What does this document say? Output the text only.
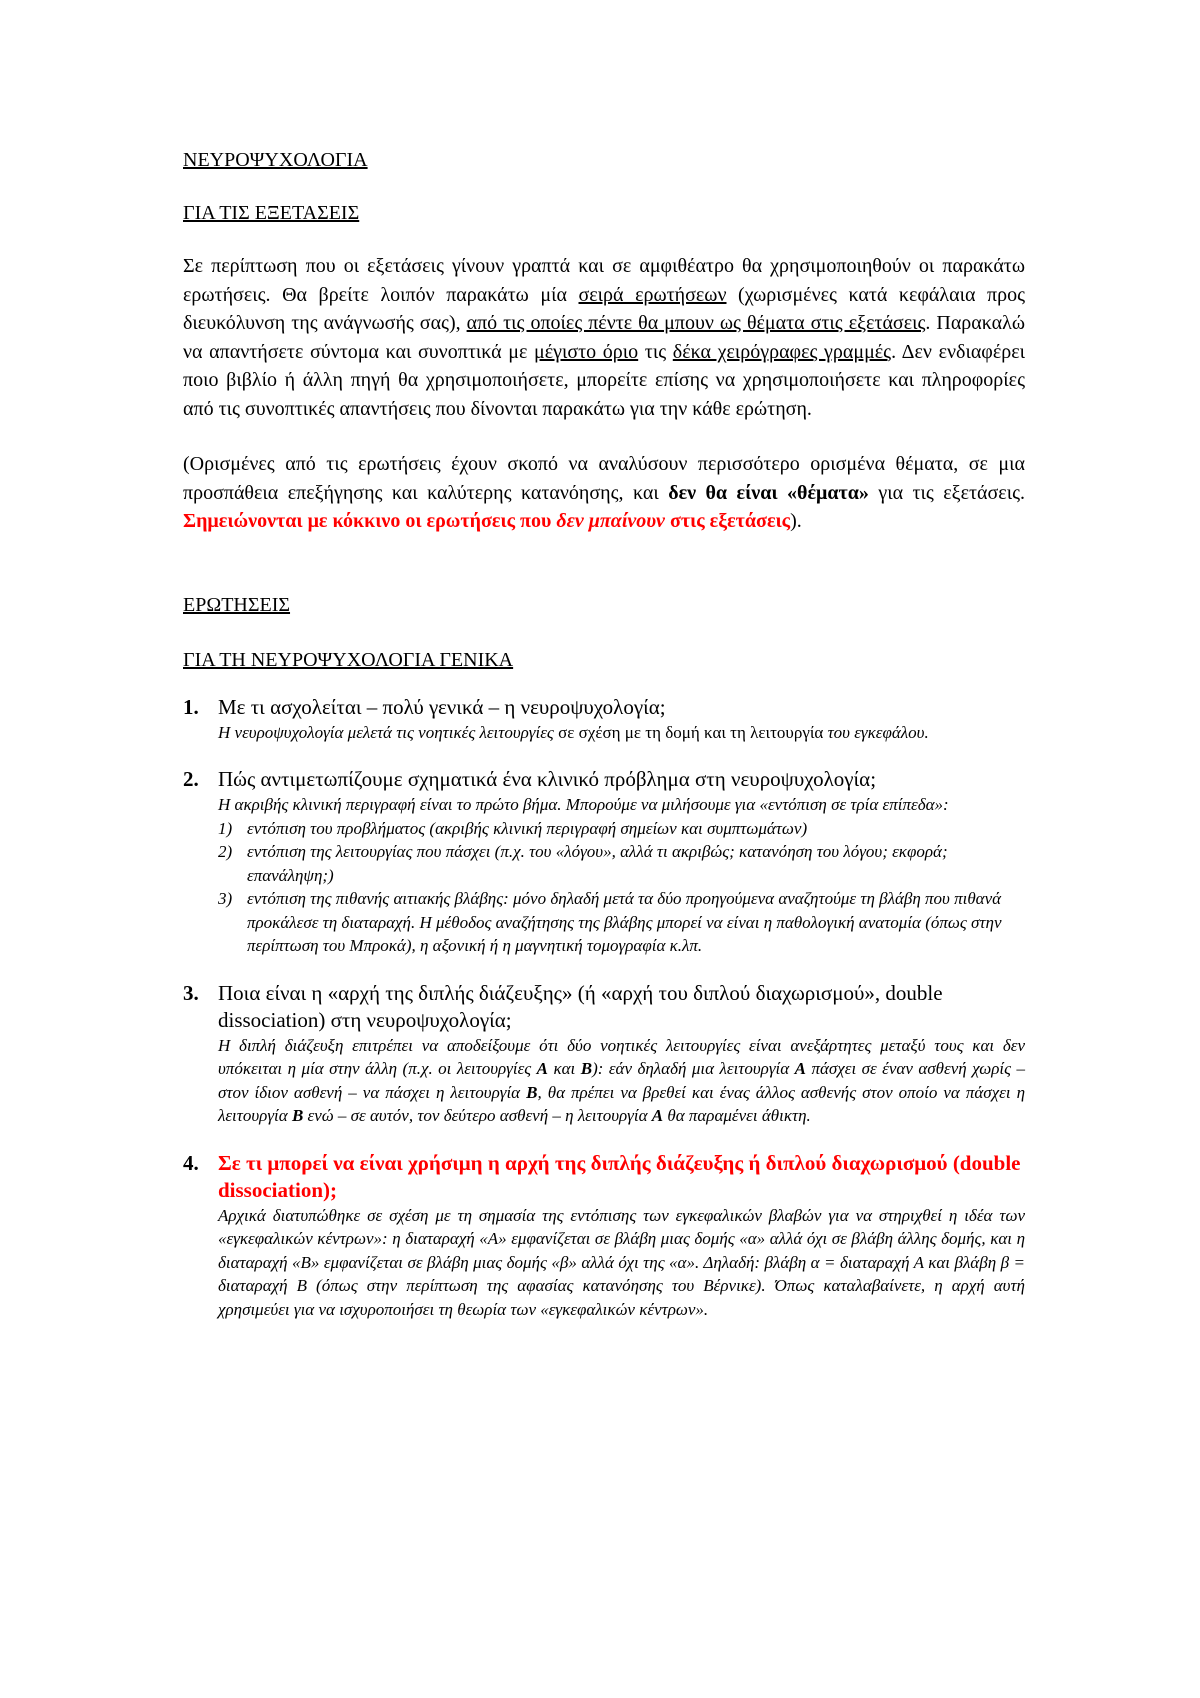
ΝΕΥΡΟΨΥΧΟΛΟΓΙΑ

ΓΙΑ ΤΙΣ ΕΞΕΤΑΣΕΙΣ

Σε περίπτωση που οι εξετάσεις γίνουν γραπτά και σε αμφιθέατρο θα χρησιμοποιηθούν οι παρακάτω ερωτήσεις. Θα βρείτε λοιπόν παρακάτω μία σειρά ερωτήσεων (χωρισμένες κατά κεφάλαια προς διευκόλυνση της ανάγνωσής σας), από τις οποίες πέντε θα μπουν ως θέματα στις εξετάσεις. Παρακαλώ να απαντήσετε σύντομα και συνοπτικά με μέγιστο όριο τις δέκα χειρόγραφες γραμμές. Δεν ενδιαφέρει ποιο βιβλίο ή άλλη πηγή θα χρησιμοποιήσετε, μπορείτε επίσης να χρησιμοποιήσετε και πληροφορίες από τις συνοπτικές απαντήσεις που δίνονται παρακάτω για την κάθε ερώτηση.

(Ορισμένες από τις ερωτήσεις έχουν σκοπό να αναλύσουν περισσότερο ορισμένα θέματα, σε μια προσπάθεια επεξήγησης και καλύτερης κατανόησης, και δεν θα είναι «θέματα» για τις εξετάσεις. Σημειώνονται με κόκκινο οι ερωτήσεις που δεν μπαίνουν στις εξετάσεις).

ΕΡΩΤΗΣΕΙΣ

ΓΙΑ ΤΗ ΝΕΥΡΟΨΥΧΟΛΟΓΙΑ ΓΕΝΙΚΑ

1. Με τι ασχολείται – πολύ γενικά – η νευροψυχολογία;

Η νευροψυχολογία μελετά τις νοητικές λειτουργίες σε σχέση με τη δομή και τη λειτουργία του εγκεφάλου.

2. Πώς αντιμετωπίζουμε σχηματικά ένα κλινικό πρόβλημα στη νευροψυχολογία;

Η ακριβής κλινική περιγραφή είναι το πρώτο βήμα. Μπορούμε να μιλήσουμε για «εντόπιση σε τρία επίπεδα»:

1) εντόπιση του προβλήματος (ακριβής κλινική περιγραφή σημείων και συμπτωμάτων)
2) εντόπιση της λειτουργίας που πάσχει (π.χ. του «λόγου», αλλά τι ακριβώς; κατανόηση του λόγου; εκφορά; επανάληψη;)
3) εντόπιση της πιθανής αιτιακής βλάβης: μόνο δηλαδή μετά τα δύο προηγούμενα αναζητούμε τη βλάβη που πιθανά προκάλεσε τη διαταραχή. Η μέθοδος αναζήτησης της βλάβης μπορεί να είναι η παθολογική ανατομία (όπως στην περίπτωση του Μπροκά), η αξονική ή η μαγνητική τομογραφία κ.λπ.
3. Ποια είναι η «αρχή της διπλής διάζευξης» (ή «αρχή του διπλού διαχωρισμού», double dissociation) στη νευροψυχολογία;

Η διπλή διάζευξη επιτρέπει να αποδείξουμε ότι δύο νοητικές λειτουργίες είναι ανεξάρτητες μεταξύ τους και δεν υπόκειται η μία στην άλλη (π.χ. οι λειτουργίες Α και Β): εάν δηλαδή μια λειτουργία Α πάσχει σε έναν ασθενή χωρίς – στον ίδιον ασθενή – να πάσχει η λειτουργία Β, θα πρέπει να βρεθεί και ένας άλλος ασθενής στον οποίο να πάσχει η λειτουργία Β ενώ – σε αυτόν, τον δεύτερο ασθενή – η λειτουργία Α θα παραμένει άθικτη.

4. Σε τι μπορεί να είναι χρήσιμη η αρχή της διπλής διάζευξης ή διπλού διαχωρισμού (double dissociation);

Αρχικά διατυπώθηκε σε σχέση με τη σημασία της εντόπισης των εγκεφαλικών βλαβών για να στηριχθεί η ιδέα των «εγκεφαλικών κέντρων»: η διαταραχή «Α» εμφανίζεται σε βλάβη μιας δομής «α» αλλά όχι σε βλάβη άλλης δομής, και η διαταραχή «Β» εμφανίζεται σε βλάβη μιας δομής «β» αλλά όχι της «α». Δηλαδή: βλάβη α = διαταραχή Α και βλάβη β = διαταραχή Β (όπως στην περίπτωση της αφασίας κατανόησης του Βέρνικε). Όπως καταλαβαίνετε, η αρχή αυτή χρησιμεύει για να ισχυροποιήσει τη θεωρία των «εγκεφαλικών κέντρων».
